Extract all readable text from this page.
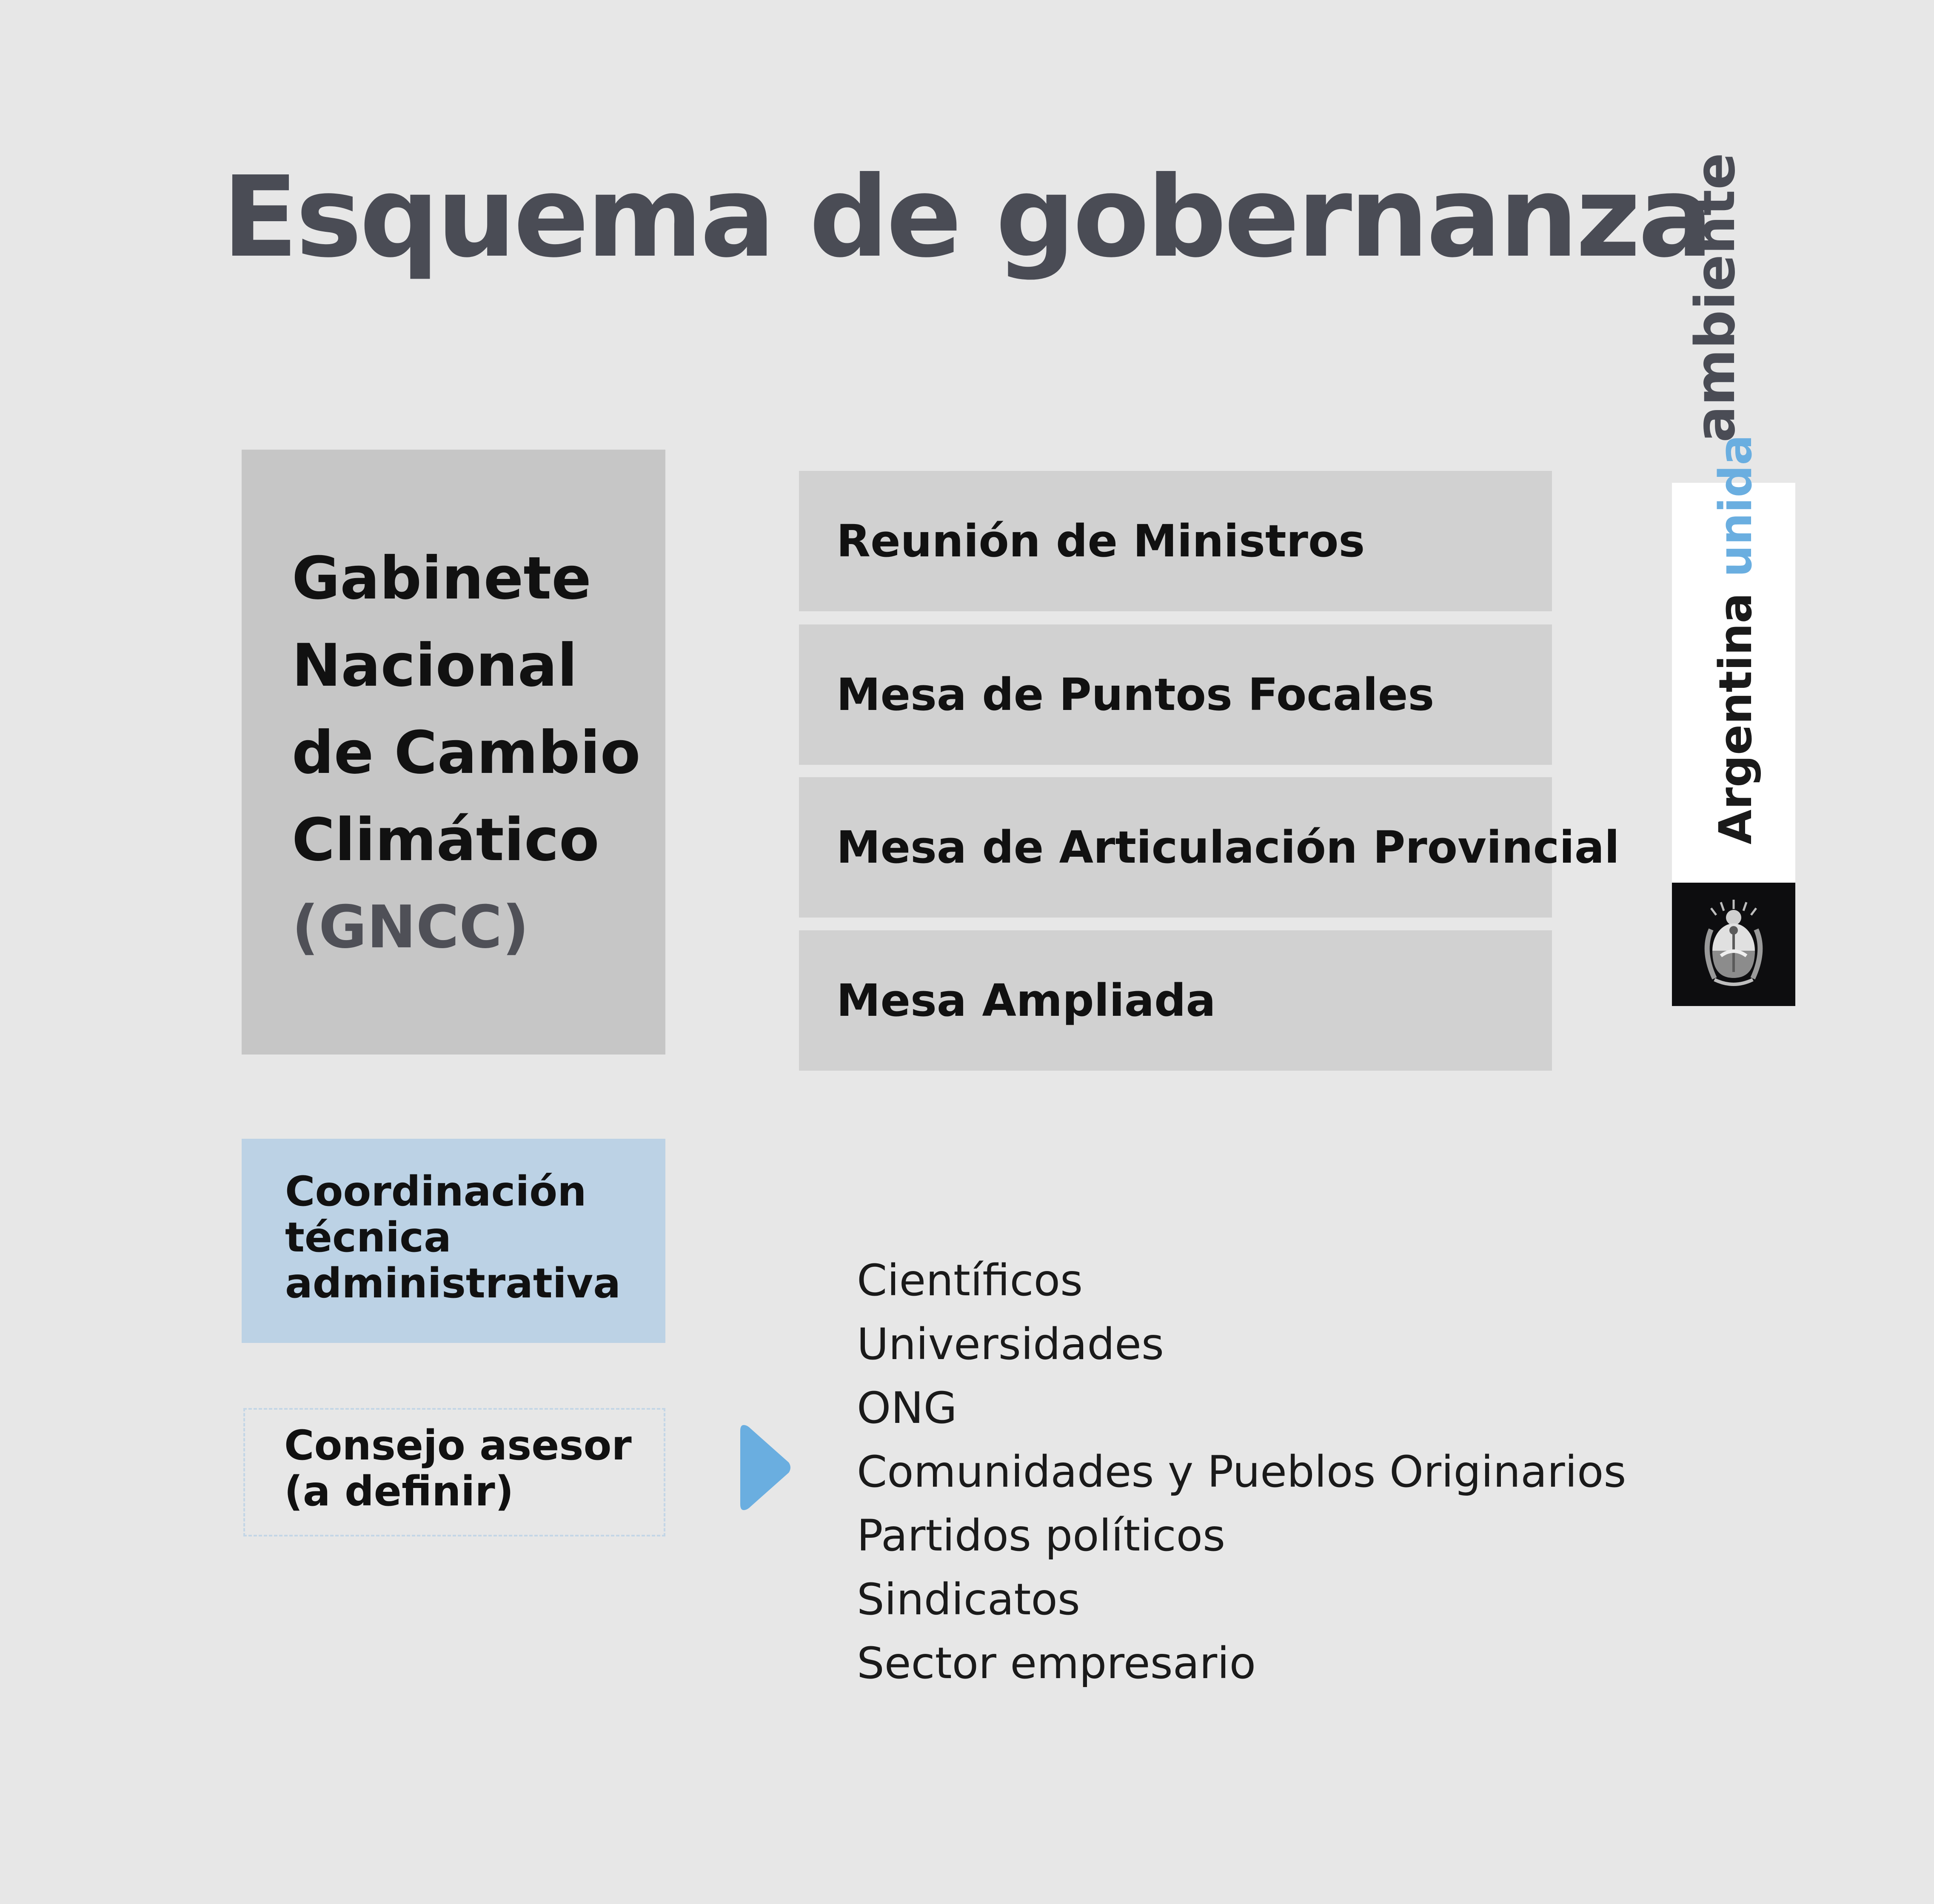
Esquema de gobernanza
Gabinete
Nacional
de Cambio
Climático
(GNCC)
Reunión de Ministros
Mesa de Puntos Focales
Mesa de Articulación Provincial
Mesa Ampliada
Coordinación
técnica
administrativa
Consejo asesor
(a definir)
Científicos
Universidades
ONG
Comunidades y Pueblos Originarios
Partidos políticos
Sindicatos
Sector empresario
ambiente
Argentina unida
